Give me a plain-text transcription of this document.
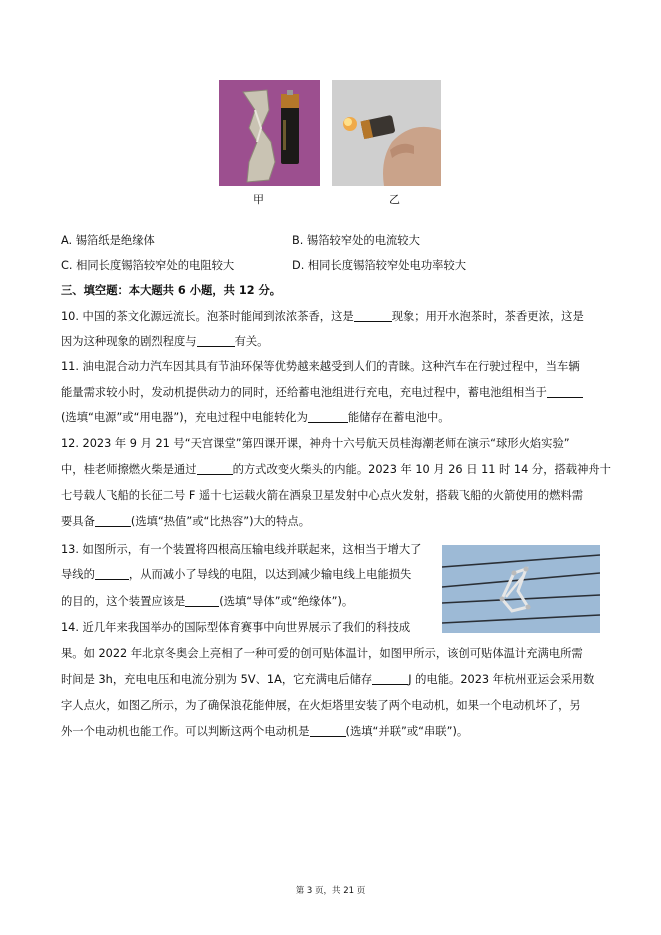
甲	乙
A. 锡箔纸是绝缘体	B. 锡箔较窄处的电流较大
C. 相同长度锡箔较窄处的电阻较大	D. 相同长度锡箔较窄处电功率较大
三、填空题：本大题共 6 小题，共 12 分。
10. 中国的茶文化源远流长。泡茶时能闻到浓浓茶香，这是	现象；用开水泡茶时，茶香更浓，这是
因为这种现象的剧烈程度与	有关。
11. 油电混合动力汽车因其具有节油环保等优势越来越受到人们的青睐。这种汽车在行驶过程中，当车辆
能量需求较小时，发动机提供动力的同时，还给蓄电池组进行充电，充电过程中，蓄电池组相当于
(选填“电源”或“用电器”)，充电过程中电能转化为	能储存在蓄电池中。
12. 2023 年 9 月 21 号“天宫课堂”第四课开课，神舟十六号航天员桂海潮老师在演示“球形火焰实验”
中，桂老师擦燃火柴是通过	的方式改变火柴头的内能。2023 年 10 月 26 日 11 时 14 分，搭载神舟十
七号载人飞船的长征二号 F 遥十七运载火箭在酒泉卫星发射中心点火发射，搭载飞船的火箭使用的燃料需
要具备	(选填“热值”或“比热容”)大的特点。
13. 如图所示，有一个装置将四根高压输电线并联起来，这相当于增大了
导线的	，从而减小了导线的电阻，以达到减少输电线上电能损失
的目的，这个装置应该是	(选填“导体”或“绝缘体”)。
14. 近几年来我国举办的国际型体育赛事中向世界展示了我们的科技成
果。如 2022 年北京冬奥会上亮相了一种可爱的创可贴体温计，如图甲所示，该创可贴体温计充满电所需
时间是 3h，充电电压和电流分别为 5V、1A，它充满电后储存	J 的电能。2023 年杭州亚运会采用数
字人点火，如图乙所示，为了确保浪花能伸展，在火炬塔里安装了两个电动机，如果一个电动机坏了，另
外一个电动机也能工作。可以判断这两个电动机是	(选填“并联”或“串联”)。
第 3 页，共 21 页
